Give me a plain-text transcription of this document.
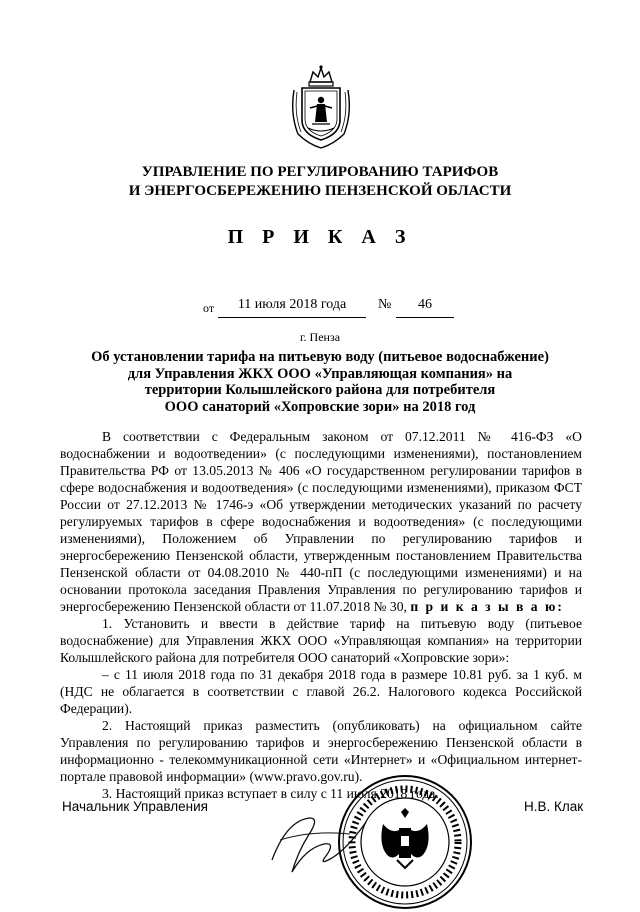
УПРАВЛЕНИЕ ПО РЕГУЛИРОВАНИЮ ТАРИФОВ
И ЭНЕРГОСБЕРЕЖЕНИЮ ПЕНЗЕНСКОЙ ОБЛАСТИ
П Р И К А З
от	11 июля 2018 года	№	46
г. Пенза
Об установлении тарифа на питьевую воду (питьевое водоснабжение)
для Управления ЖКХ ООО «Управляющая компания» на
территории Колышлейского района для потребителя
ООО санаторий «Хопровские зори» на 2018 год

В соответствии с Федеральным законом от 07.12.2011 № 416-ФЗ «О водоснабжении и водоотведении» (с последующими изменениями), постановлением Правительства РФ от 13.05.2013 № 406 «О государственном регулировании тарифов в сфере водоснабжения и водоотведения» (с последующими изменениями), приказом ФСТ России от 27.12.2013 № 1746-э «Об утверждении методических указаний по расчету регулируемых тарифов в сфере водоснабжения и водоотведения» (с последующими изменениями), Положением об Управлении по регулированию тарифов и энергосбережению Пензенской области, утвержденным постановлением Правительства Пензенской области от 04.08.2010 № 440-пП (с последующими изменениями) и на основании протокола заседания Правления Управления по регулированию тарифов и энергосбережению Пензенской области от 11.07.2018 № 30, п р и к а з ы в а ю:

1. Установить и ввести в действие тариф на питьевую воду (питьевое водоснабжение) для Управления ЖКХ ООО «Управляющая компания» на территории Колышлейского района для потребителя ООО санаторий «Хопровские зори»:

– с 11 июля 2018 года по 31 декабря 2018 года в размере 10.81 руб. за 1 куб. м (НДС не облагается в соответствии с главой 26.2. Налогового кодекса Российской Федерации).

2. Настоящий приказ разместить (опубликовать) на официальном сайте Управления по регулированию тарифов и энергосбережению Пензенской области в информационно - телекоммуникационной сети «Интернет» и «Официальном интернет-портале правовой информации» (www.pravo.gov.ru).

3. Настоящий приказ вступает в силу с 11 июля 2018 года.

Начальник Управления	Н.В. Клак
